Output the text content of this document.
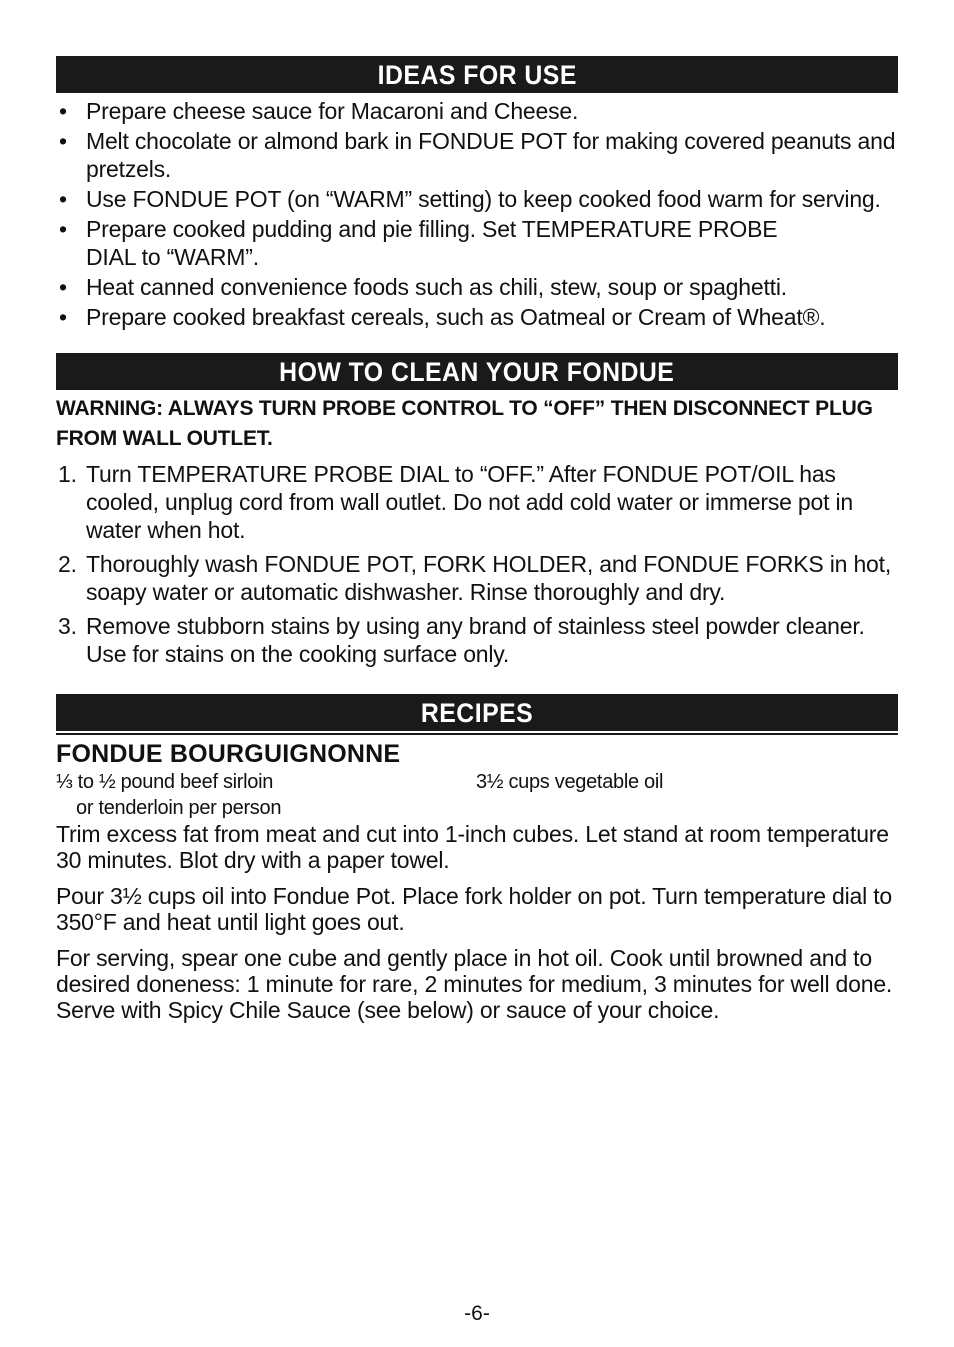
IDEAS FOR USE
• Prepare cheese sauce for Macaroni and Cheese.
• Melt chocolate or almond bark in FONDUE POT for making covered peanuts and pretzels.
• Use FONDUE POT (on “WARM” setting) to keep cooked food warm for serving.
• Prepare cooked pudding and pie filling. Set TEMPERATURE PROBE DIAL to “WARM”.
• Heat canned convenience foods such as chili, stew, soup or spaghetti.
• Prepare cooked breakfast cereals, such as Oatmeal or Cream of Wheat®.
HOW TO CLEAN YOUR FONDUE
WARNING: ALWAYS TURN PROBE CONTROL TO “OFF” THEN DISCONNECT PLUG FROM WALL OUTLET.
1. Turn TEMPERATURE PROBE DIAL to “OFF.” After FONDUE POT/OIL has cooled, unplug cord from wall outlet. Do not add cold water or immerse pot in water when hot.
2. Thoroughly wash FONDUE POT, FORK HOLDER, and FONDUE FORKS in hot, soapy water or automatic dishwasher. Rinse thoroughly and dry.
3. Remove stubborn stains by using any brand of stainless steel powder cleaner. Use for stains on the cooking surface only.
RECIPES
FONDUE BOURGUIGNONNE
⅓ to ½ pound beef sirloin
or tenderloin per person
3½ cups vegetable oil

Trim excess fat from meat and cut into 1-inch cubes. Let stand at room temperature 30 minutes. Blot dry with a paper towel.

Pour 3½ cups oil into Fondue Pot. Place fork holder on pot. Turn temperature dial to 350°F and heat until light goes out.

For serving, spear one cube and gently place in hot oil. Cook until browned and to desired doneness: 1 minute for rare, 2 minutes for medium, 3 minutes for well done. Serve with Spicy Chile Sauce (see below) or sauce of your choice.

-6-
